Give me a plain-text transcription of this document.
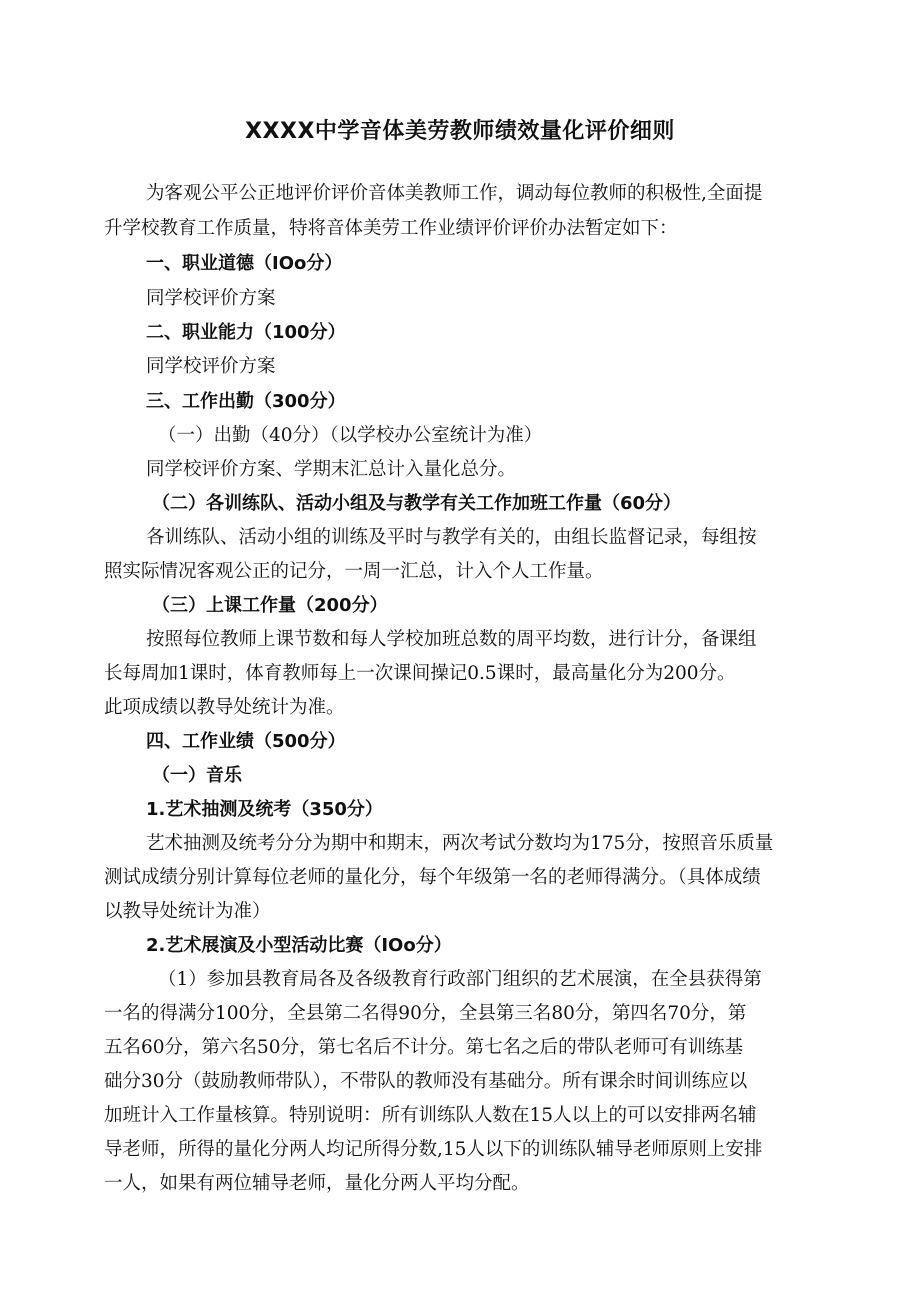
XXXX中学音体美劳教师绩效量化评价细则
为客观公平公正地评价评价音体美教师工作，调动每位教师的积极性,全面提
升学校教育工作质量，特将音体美劳工作业绩评价评价办法暂定如下：
一、职业道德（IOo分）
同学校评价方案
二、职业能力（100分）
同学校评价方案
三、工作出勤（300分）
（一）出勤（40分）（以学校办公室统计为准）
同学校评价方案、学期末汇总计入量化总分。
（二）各训练队、活动小组及与教学有关工作加班工作量（60分）
各训练队、活动小组的训练及平时与教学有关的，由组长监督记录，每组按
照实际情况客观公正的记分，一周一汇总，计入个人工作量。
（三）上课工作量（200分）
按照每位教师上课节数和每人学校加班总数的周平均数，进行计分，备课组
长每周加1课时，体育教师每上一次课间操记0.5课时，最高量化分为200分。
此项成绩以教导处统计为准。
四、工作业绩（500分）
（一）音乐
1.艺术抽测及统考（350分）
艺术抽测及统考分分为期中和期末，两次考试分数均为175分，按照音乐质量
测试成绩分别计算每位老师的量化分，每个年级第一名的老师得满分。（具体成绩
以教导处统计为准）
2.艺术展演及小型活动比赛（IOo分）
（1）参加县教育局各及各级教育行政部门组织的艺术展演，在全县获得第
一名的得满分100分，全县第二名得90分，全县第三名80分，第四名70分，第
五名60分，第六名50分，第七名后不计分。第七名之后的带队老师可有训练基
础分30分（鼓励教师带队），不带队的教师没有基础分。所有课余时间训练应以
加班计入工作量核算。特别说明：所有训练队人数在15人以上的可以安排两名辅
导老师，所得的量化分两人均记所得分数,15人以下的训练队辅导老师原则上安排
一人，如果有两位辅导老师，量化分两人平均分配。
